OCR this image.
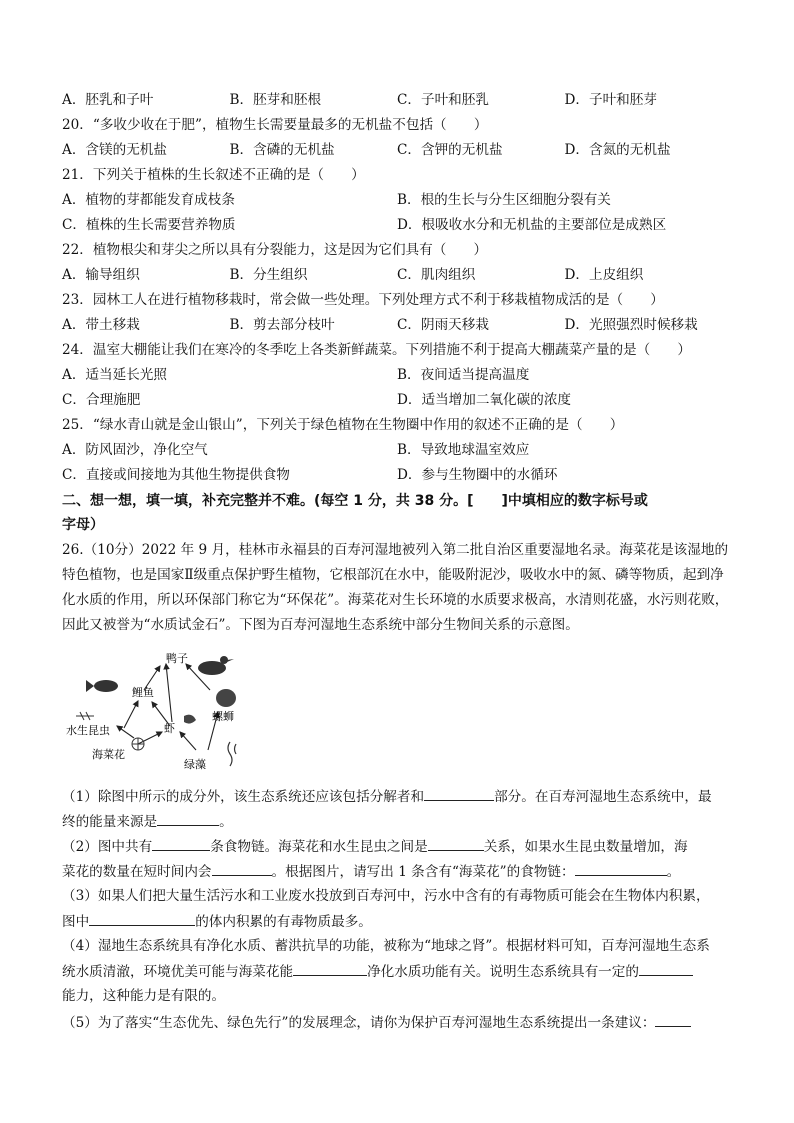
A．胚乳和子叶	B．胚芽和胚根	C．子叶和胚乳	D．子叶和胚芽
20．“多收少收在于肥”，植物生长需要量最多的无机盐不包括（　　）
A．含镁的无机盐	B．含磷的无机盐	C．含钾的无机盐	D．含氮的无机盐
21．下列关于植株的生长叙述不正确的是（　　）
A．植物的芽都能发育成枝条	B．根的生长与分生区细胞分裂有关
C．植株的生长需要营养物质	D．根吸收水分和无机盐的主要部位是成熟区
22．植物根尖和芽尖之所以具有分裂能力，这是因为它们具有（　　）
A．输导组织	B．分生组织	C．肌肉组织	D．上皮组织
23．园林工人在进行植物移栽时，常会做一些处理。下列处理方式不利于移栽植物成活的是（　　）
A．带土移栽	B．剪去部分枝叶	C．阴雨天移栽	D．光照强烈时候移栽
24．温室大棚能让我们在寒冷的冬季吃上各类新鲜蔬菜。下列措施不利于提高大棚蔬菜产量的是（　　）
A．适当延长光照	B．夜间适当提高温度
C．合理施肥	D．适当增加二氧化碳的浓度
25．“绿水青山就是金山银山”，下列关于绿色植物在生物圈中作用的叙述不正确的是（　　）
A．防风固沙，净化空气	B．导致地球温室效应
C．直接或间接地为其他生物提供食物	D．参与生物圈中的水循环
二、想一想，填一填，补充完整并不难。(每空 1 分，共 38 分。[　　]中填相应的数字标号或
字母）
26.（10分）2022 年 9 月，桂林市永福县的百寿河湿地被列入第二批自治区重要湿地名录。海菜花是该湿地的特色植物，也是国家Ⅱ级重点保护野生植物，它根部沉在水中，能吸附泥沙，吸收水中的氮、磷等物质，起到净化水质的作用，所以环保部门称它为“环保花”。海菜花对生长环境的水质要求极高，水清则花盛，水污则花败，因此又被誉为“水质试金石”。下图为百寿河湿地生态系统中部分生物间关系的示意图。
鸭子
鲤鱼
螺蛳
水生昆虫	虾
海菜花
绿藻
（1）除图中所示的成分外，该生态系统还应该包括分解者和	部分。在百寿河湿地生态系统中，最
终的能量来源是	。
（2）图中共有	条食物链。海菜花和水生昆虫之间是	关系，如果水生昆虫数量增加，海
菜花的数量在短时间内会	。根据图片，请写出 1 条含有“海菜花”的食物链：	。
（3）如果人们把大量生活污水和工业废水投放到百寿河中，污水中含有的有毒物质可能会在生物体内积累，
图中	的体内积累的有毒物质最多。
（4）湿地生态系统具有净化水质、蓄洪抗旱的功能，被称为“地球之肾”。根据材料可知，百寿河湿地生态系
统水质清澈，环境优美可能与海菜花能	净化水质功能有关。说明生态系统具有一定的
能力，这种能力是有限的。
（5）为了落实“生态优先、绿色先行”的发展理念，请你为保护百寿河湿地生态系统提出一条建议：
